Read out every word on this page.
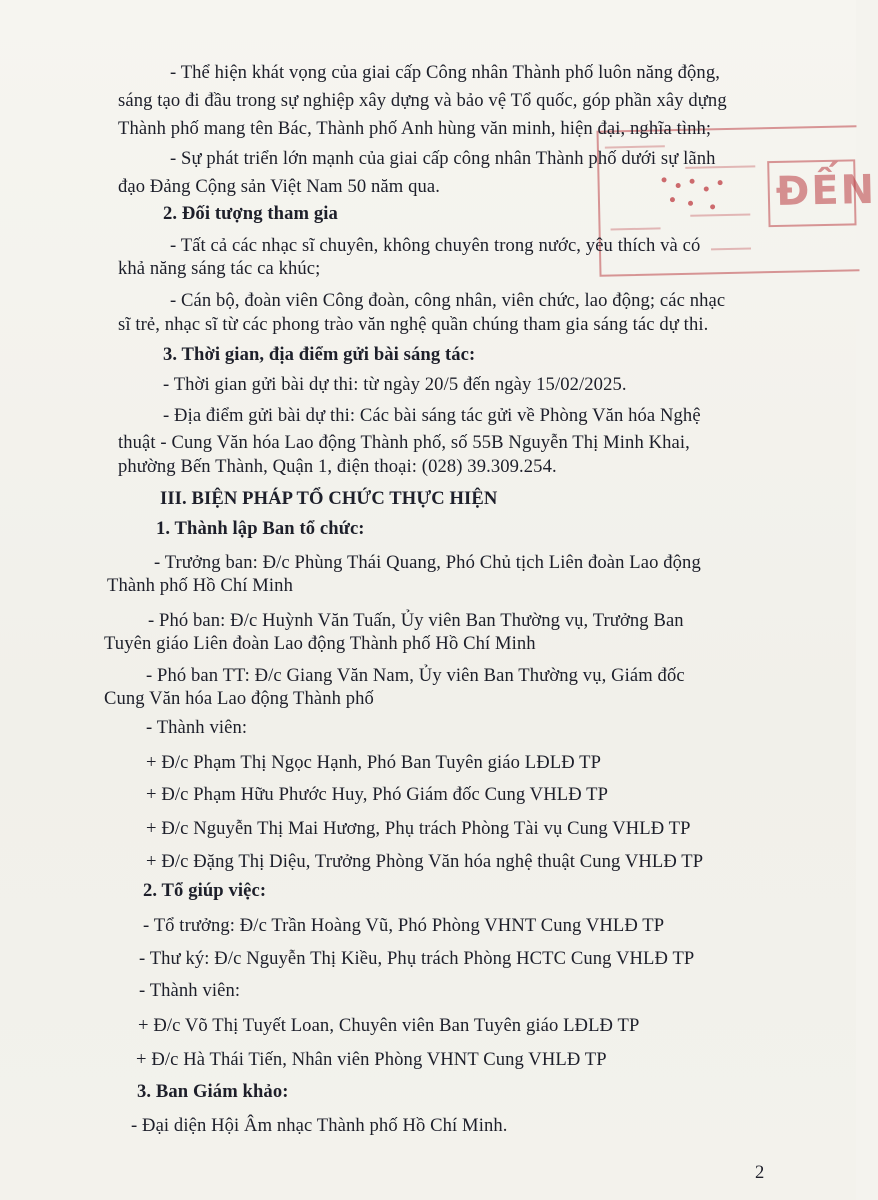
ĐẾN
- Thể hiện khát vọng của giai cấp Công nhân Thành phố luôn năng động,
sáng tạo đi đầu trong sự nghiệp xây dựng và bảo vệ Tổ quốc, góp phần xây dựng
Thành phố mang tên Bác, Thành phố Anh hùng văn minh, hiện đại, nghĩa tình;
- Sự phát triển lớn mạnh của giai cấp công nhân Thành phố dưới sự lãnh
đạo Đảng Cộng sản Việt Nam 50 năm qua.
2. Đối tượng tham gia
- Tất cả các nhạc sĩ chuyên, không chuyên trong nước, yêu thích và có
khả năng sáng tác ca khúc;
- Cán bộ, đoàn viên Công đoàn, công nhân, viên chức, lao động; các nhạc
sĩ trẻ, nhạc sĩ từ các phong trào văn nghệ quần chúng tham gia sáng tác dự thi.
3. Thời gian, địa điểm gửi bài sáng tác:
- Thời gian gửi bài dự thi: từ ngày 20/5 đến ngày 15/02/2025.
- Địa điểm gửi bài dự thi: Các bài sáng tác gửi về Phòng Văn hóa Nghệ
thuật - Cung Văn hóa Lao động Thành phố, số 55B Nguyễn Thị Minh Khai,
phường Bến Thành, Quận 1, điện thoại: (028) 39.309.254.
III. BIỆN PHÁP TỔ CHỨC THỰC HIỆN
1. Thành lập Ban tổ chức:
- Trưởng ban: Đ/c Phùng Thái Quang, Phó Chủ tịch Liên đoàn Lao động
Thành phố Hồ Chí Minh
- Phó ban: Đ/c Huỳnh Văn Tuấn, Ủy viên Ban Thường vụ, Trưởng Ban
Tuyên giáo Liên đoàn Lao động Thành phố Hồ Chí Minh
- Phó ban TT: Đ/c Giang Văn Nam, Ủy viên Ban Thường vụ, Giám đốc
Cung Văn hóa Lao động Thành phố
- Thành viên:
+ Đ/c Phạm Thị Ngọc Hạnh, Phó Ban Tuyên giáo LĐLĐ TP
+ Đ/c Phạm Hữu Phước Huy, Phó Giám đốc Cung VHLĐ TP
+ Đ/c Nguyễn Thị Mai Hương, Phụ trách Phòng Tài vụ Cung VHLĐ TP
+ Đ/c Đặng Thị Diệu, Trưởng Phòng Văn hóa nghệ thuật Cung VHLĐ TP
2. Tổ giúp việc:
- Tổ trưởng: Đ/c Trần Hoàng Vũ, Phó Phòng VHNT Cung VHLĐ TP
- Thư ký: Đ/c Nguyễn Thị Kiều, Phụ trách Phòng HCTC Cung VHLĐ TP
- Thành viên:
+ Đ/c Võ Thị Tuyết Loan, Chuyên viên Ban Tuyên giáo LĐLĐ TP
+ Đ/c Hà Thái Tiến, Nhân viên Phòng VHNT Cung VHLĐ TP
3. Ban Giám khảo:
- Đại diện Hội Âm nhạc Thành phố Hồ Chí Minh.
2
